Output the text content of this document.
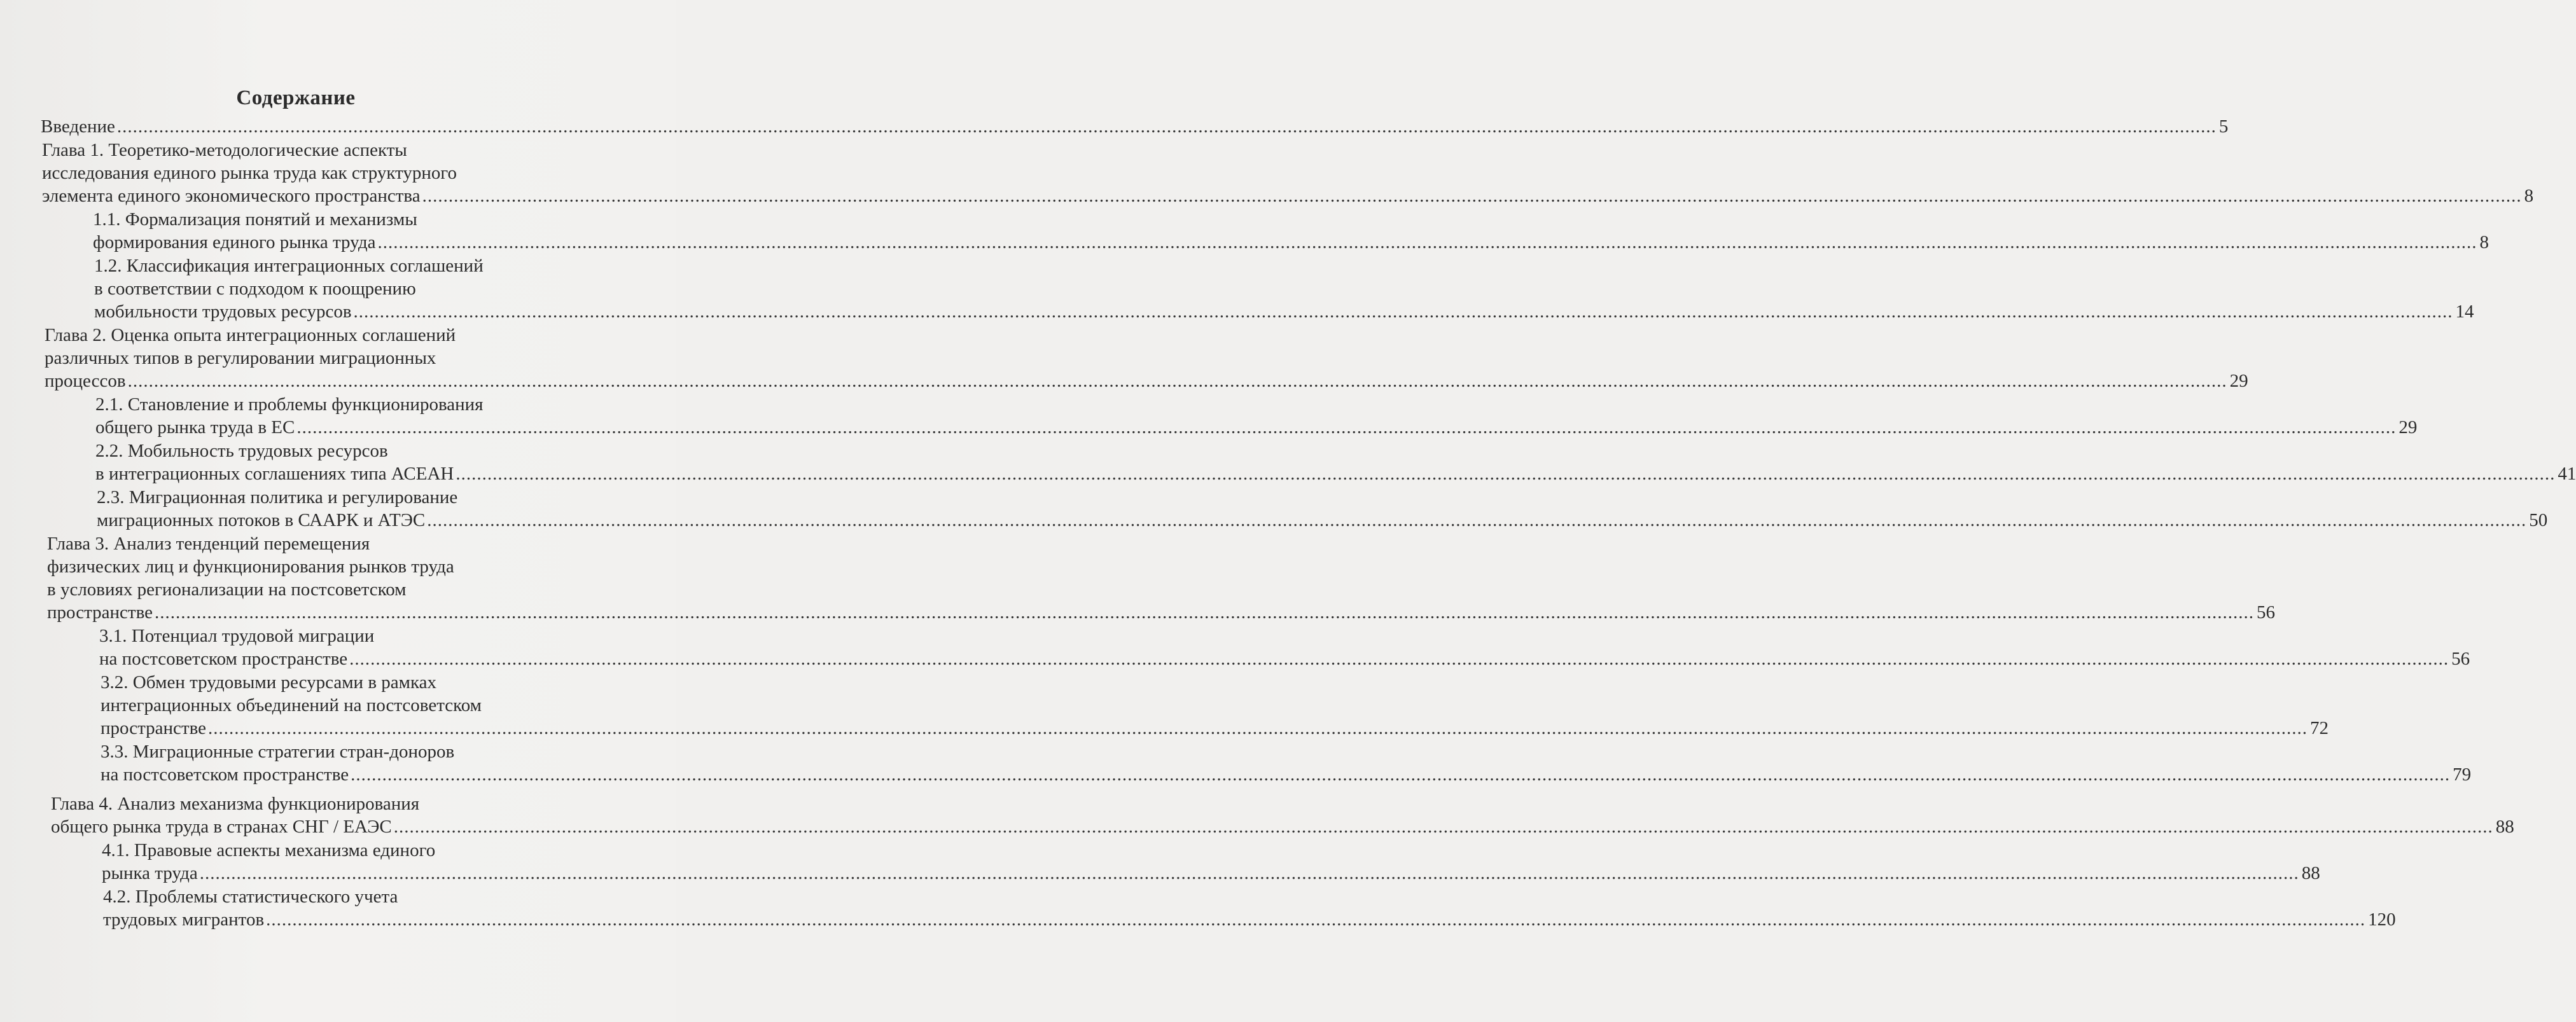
Содержание
Введение ................................................................................................................................................................................................................................................................................................................................................................................................................ 5
Глава 1. Теоретико-методологические аспекты
исследования единого рынка труда как структурного
элемента единого экономического пространства ................................................................................................................................................................................................................................................................................................................................................................................................................ 8
1.1. Формализация понятий и механизмы
формирования единого рынка труда ................................................................................................................................................................................................................................................................................................................................................................................................................ 8
1.2. Классификация интеграционных соглашений
в соответствии с подходом к поощрению
мобильности трудовых ресурсов ................................................................................................................................................................................................................................................................................................................................................................................................................ 14
Глава 2. Оценка опыта интеграционных соглашений
различных типов в регулировании миграционных
процессов ................................................................................................................................................................................................................................................................................................................................................................................................................ 29
2.1. Становление и проблемы функционирования
общего рынка труда в ЕС ................................................................................................................................................................................................................................................................................................................................................................................................................ 29
2.2. Мобильность трудовых ресурсов
в интеграционных соглашениях типа АСЕАН ................................................................................................................................................................................................................................................................................................................................................................................................................ 41
2.3. Миграционная политика и регулирование
миграционных потоков в СААРК и АТЭС ................................................................................................................................................................................................................................................................................................................................................................................................................ 50
Глава 3. Анализ тенденций перемещения
физических лиц и функционирования рынков труда
в условиях регионализации на постсоветском
пространстве ................................................................................................................................................................................................................................................................................................................................................................................................................ 56
3.1. Потенциал трудовой миграции
на постсоветском пространстве ................................................................................................................................................................................................................................................................................................................................................................................................................ 56
3.2. Обмен трудовыми ресурсами в рамках
интеграционных объединений на постсоветском
пространстве ................................................................................................................................................................................................................................................................................................................................................................................................................ 72
3.3. Миграционные стратегии стран-доноров
на постсоветском пространстве ................................................................................................................................................................................................................................................................................................................................................................................................................ 79
Глава 4. Анализ механизма функционирования
общего рынка труда в странах СНГ / ЕАЭС ................................................................................................................................................................................................................................................................................................................................................................................................................ 88
4.1. Правовые аспекты механизма единого
рынка труда ................................................................................................................................................................................................................................................................................................................................................................................................................ 88
4.2. Проблемы статистического учета
трудовых мигрантов ................................................................................................................................................................................................................................................................................................................................................................................................................ 120
